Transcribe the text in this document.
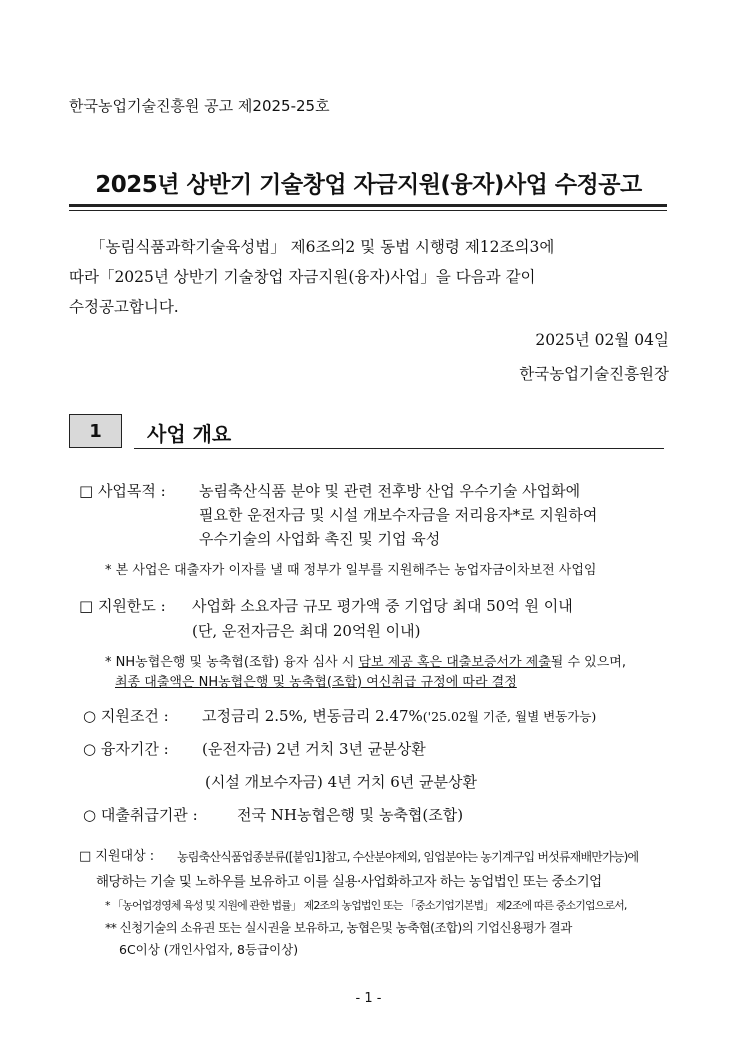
한국농업기술진흥원 공고 제2025-25호
2025년 상반기 기술창업 자금지원(융자)사업 수정공고
「농림식품과학기술육성법」 제6조의2 및 동법 시행령 제12조의3에
따라「2025년 상반기 기술창업 자금지원(융자)사업」을 다음과 같이
수정공고합니다.
2025년 02월 04일
한국농업기술진흥원장
1	사업 개요
□ 사업목적 : 농림축산식품 분야 및 관련 전후방 산업 우수기술 사업화에
필요한 운전자금 및 시설 개보수자금을 저리융자*로 지원하여
우수기술의 사업화 촉진 및 기업 육성
* 본 사업은 대출자가 이자를 낼 때 정부가 일부를 지원해주는 농업자금이차보전 사업임
□ 지원한도 : 사업화 소요자금 규모 평가액 중 기업당 최대 50억 원 이내
(단, 운전자금은 최대 20억원 이내)
* NH농협은행 및 농축협(조합) 융자 심사 시 담보 제공 혹은 대출보증서가 제출될 수 있으며,
최종 대출액은 NH농협은행 및 농축협(조합) 여신취급 규정에 따라 결정
○ 지원조건 : 고정금리 2.5%, 변동금리 2.47%('25.02월 기준, 월별 변동가능)
○ 융자기간 : (운전자금) 2년 거치 3년 균분상환
(시설 개보수자금) 4년 거치 6년 균분상환
○ 대출취급기관 :	전국 NH농협은행 및 농축협(조합)
□ 지원대상 : 농림축산식품업종분류([붙임1]참고, 수산분야제외, 임업분야는 농기계구입 버섯류재배만가능)에
해당하는 기술 및 노하우를 보유하고 이를 실용·사업화하고자 하는 농업법인 또는 중소기업
* 「농어업경영체 육성 및 지원에 관한 법률」 제2조의 농업법인 또는 「중소기업기본법」 제2조에 따른 중소기업으로서,
** 신청기술의 소유권 또는 실시권을 보유하고, 농협은및 농축협(조합)의 기업신용평가 결과
6C이상 (개인사업자, 8등급이상)
- 1 -
